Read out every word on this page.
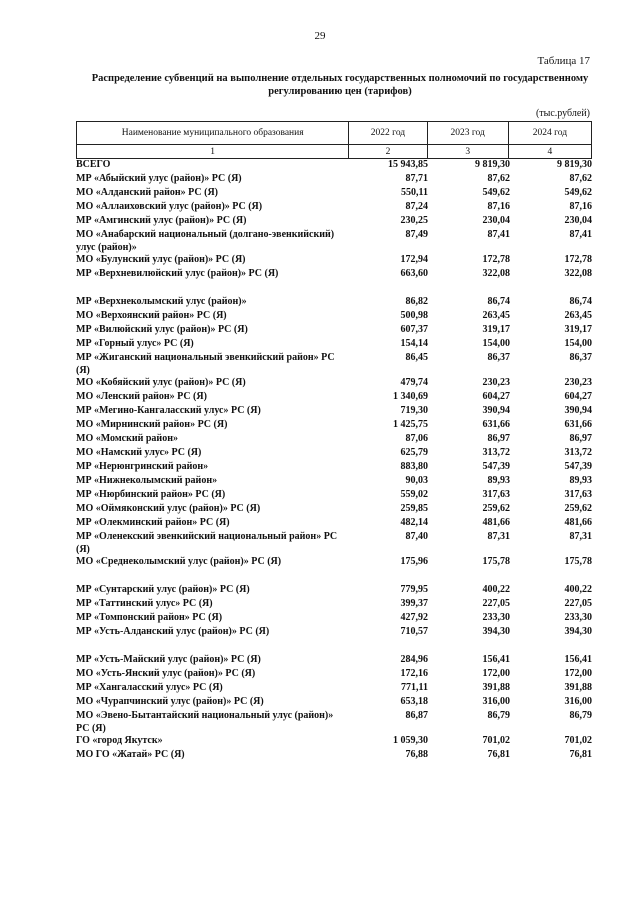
29
Таблица 17
Распределение субвенций на выполнение отдельных государственных полномочий по государственному
регулированию цен (тарифов)
(тыс.рублей)
Наименование муниципального образования	2022 год	2023 год	2024 год
1	2	3	4
ВСЕГО	15 943,85	9 819,30	9 819,30
МР «Абыйский улус (район)» РС (Я)	87,71	87,62	87,62
МО «Алданский район» РС (Я)	550,11	549,62	549,62
МО «Аллаиховский улус (район)» РС (Я)	87,24	87,16	87,16
МР «Амгинский улус (район)» РС (Я)	230,25	230,04	230,04
МО «Анабарский национальный (долгано-эвенкийский) улус (район)»
87,49	87,41	87,41
МО «Булунский улус (район)» РС (Я)	172,94	172,78	172,78
МР «Верхневилюйский улус (район)» РС (Я)	663,60	322,08	322,08
МР «Верхнеколымский улус (район)»	86,82	86,74	86,74
МО «Верхоянский район» РС (Я)	500,98	263,45	263,45
МР «Вилюйский улус (район)» РС (Я)	607,37	319,17	319,17
МР «Горный улус» РС (Я)	154,14	154,00	154,00
МР «Жиганский национальный эвенкийский район» РС (Я)
86,45	86,37	86,37
МО «Кобяйский улус (район)» РС (Я)	479,74	230,23	230,23
МО «Ленский район» РС (Я)	1 340,69	604,27	604,27
МР «Мегино-Кангаласский улус» РС (Я)	719,30	390,94	390,94
МО «Мирнинский район» РС (Я)	1 425,75	631,66	631,66
МО «Момский район»	87,06	86,97	86,97
МО «Намский улус» РС (Я)	625,79	313,72	313,72
МР «Нерюнгринский район»	883,80	547,39	547,39
МР «Нижнеколымский район»	90,03	89,93	89,93
МР «Нюрбинский район» РС (Я)	559,02	317,63	317,63
МО «Оймяконский улус (район)» РС (Я)	259,85	259,62	259,62
МР «Олекминский район» РС (Я)	482,14	481,66	481,66
МР «Оленекский эвенкийский национальный район» РС (Я)
87,40	87,31	87,31
МО «Среднеколымский улус (район)» РС (Я)	175,96	175,78	175,78
МР «Сунтарский улус (район)» РС (Я)	779,95	400,22	400,22
МР «Таттинский улус» РС (Я)	399,37	227,05	227,05
МР «Томпонский район» РС (Я)	427,92	233,30	233,30
МР «Усть-Алданский улус (район)» РС (Я)	710,57	394,30	394,30
МР «Усть-Майский улус (район)» РС (Я)	284,96	156,41	156,41
МО «Усть-Янский улус (район)» РС (Я)	172,16	172,00	172,00
МР «Хангаласский улус» РС (Я)	771,11	391,88	391,88
МО «Чурапчинский улус (район)» РС (Я)	653,18	316,00	316,00
МО «Эвено-Бытантайский национальный улус (район)» РС (Я)
86,87	86,79	86,79
ГО «город Якутск»	1 059,30	701,02	701,02
МО ГО «Жатай» РС (Я)	76,88	76,81	76,81
